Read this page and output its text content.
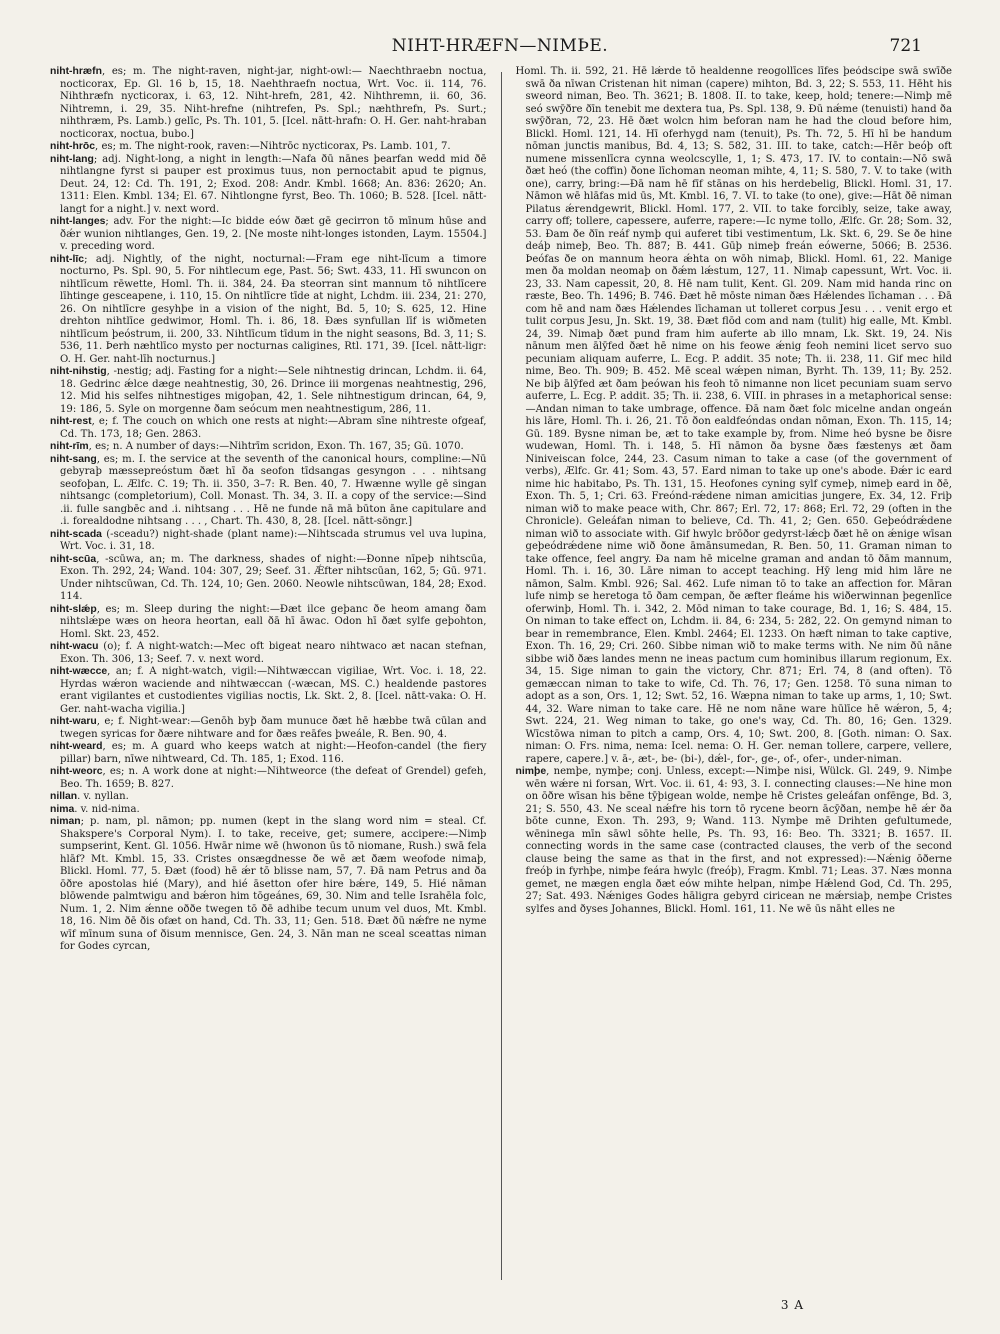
NIHT-HRÆFN—NIMÞE.	721

niht-hræfn, es; m. The night-raven, night-jar, night-owl:— Naechthraebn noctua, nocticorax, Ep. Gl. 16 b, 15, 18. Naehthraefn noctua, Wrt. Voc. ii. 114, 76. Nihthræfn nycticorax, i. 63, 12. Niht-hrefn, 281, 42. Nihthremn, ii. 60, 36. Nihtremn, i. 29, 35. Niht-hrefne (nihtrefen, Ps. Spl.; næhthrefn, Ps. Surt.; nihthræm, Ps. Lamb.) gelīc, Ps. Th. 101, 5. [Icel. nātt-hrafn: O. H. Ger. naht-hraban nocticorax, noctua, bubo.]

niht-hrōc, es; m. The night-rook, raven:—Nihtrōc nycticorax, Ps. Lamb. 101, 7.

niht-lang; adj. Night-long, a night in length:—Nafa ðū nānes þearfan wedd mid ðē nihtlangne fyrst si pauper est proximus tuus, non pernoctabit apud te pignus, Deut. 24, 12: Cd. Th. 191, 2; Exod. 208: Andr. Kmbl. 1668; An. 836: 2620; An. 1311: Elen. Kmbl. 134; El. 67. Nihtlongne fyrst, Beo. Th. 1060; B. 528. [Icel. nātt-langt for a night.] v. next word.

niht-langes; adv. For the night:—Ic bidde eów ðæt gē gecirron tō mīnum hūse and ðǽr wunion nihtlanges, Gen. 19, 2. [Ne moste niht-longes istonden, Laym. 15504.] v. preceding word.

niht-līc; adj. Nightly, of the night, nocturnal:—Fram ege niht-līcum a timore nocturno, Ps. Spl. 90, 5. For nihtlecum ege, Past. 56; Swt. 433, 11. Hī swuncon on nihtlīcum rēwette, Homl. Th. ii. 384, 24. Ða steorran sint mannum tō nihtlīcere līhtinge gesceapene, i. 110, 15. On nihtlīcre tīde at night, Lchdm. iii. 234, 21: 270, 26. On nihtlīcre gesyhþe in a vision of the night, Bd. 5, 10; S. 625, 12. Hine drehton nihtlīce gedwimor, Homl. Th. i. 86, 18. Ðæs synfullan līf is wiðmeten nihtlīcum þeóstrum, ii. 200, 33. Nihtlīcum tīdum in the night seasons, Bd. 3, 11; S. 536, 11. Þerh næhtlīco mysto per nocturnas caligines, Rtl. 171, 39. [Icel. nātt-ligr: O. H. Ger. naht-līh nocturnus.]

niht-nihstig, -nestig; adj. Fasting for a night:—Sele nihtnestig drincan, Lchdm. ii. 64, 18. Gedrinc ǽlce dæge neahtnestig, 30, 26. Drince iii morgenas neahtnestig, 296, 12. Mid his selfes nihtnestiges migoþan, 42, 1. Sele nihtnestigum drincan, 64, 9, 19: 186, 5. Syle on morgenne ðam seócum men neahtnestigum, 286, 11.

niht-rest, e; f. The couch on which one rests at night:—Abram sīne nihtreste ofgeaf, Cd. Th. 173, 18; Gen. 2863.

niht-rīm, es; n. A number of days:—Nihtrīm scridon, Exon. Th. 167, 35; Gū. 1070.

niht-sang, es; m. I. the service at the seventh of the canonical hours, compline:—Nū gebyraþ mæssepreóstum ðæt hī ða seofon tīdsangas gesyngon . . . nihtsang seofoþan, L. Ælfc. C. 19; Th. ii. 350, 3–7: R. Ben. 40, 7. Hwænne wylle gē singan nihtsangc (completorium), Coll. Monast. Th. 34, 3. II. a copy of the service:—Sind .ii. fulle sangbēc and .i. nihtsang . . . Hē ne funde nā mā būton āne capitulare and .i. forealdodne nihtsang . . . , Chart. Th. 430, 8, 28. [Icel. nātt-söngr.]

niht-scada (-sceadu?) night-shade (plant name):—Nihtscada strumus vel uva lupina, Wrt. Voc. i. 31, 18.

niht-scūa, -scūwa, an; m. The darkness, shades of night:—Ðonne nīpeþ nihtscūa, Exon. Th. 292, 24; Wand. 104: 307, 29; Seef. 31. Ǽfter nihtscūan, 162, 5; Gū. 971. Under nihtscūwan, Cd. Th. 124, 10; Gen. 2060. Neowle nihtscūwan, 184, 28; Exod. 114.

niht-slǽp, es; m. Sleep during the night:—Ðæt ilce geþanc ðe heom amang ðam nihtslǽpe wæs on heora heortan, eall ðā hī āwac. Odon hī ðæt sylfe geþohton, Homl. Skt. 23, 452.

niht-wacu (o); f. A night-watch:—Mec oft bigeat nearo nihtwaco æt nacan stefnan, Exon. Th. 306, 13; Seef. 7. v. next word.

niht-wæcce, an; f. A night-watch, vigil:—Nihtwæccan vigiliae, Wrt. Voc. i. 18, 22. Hyrdas wǽron waciende and nihtwæccan (-wæcan, MS. C.) healdende pastores erant vigilantes et custodientes vigilias noctis, Lk. Skt. 2, 8. [Icel. nātt-vaka: O. H. Ger. naht-wacha vigilia.]

niht-waru, e; f. Night-wear:—Genōh byþ ðam munuce ðæt hē hæbbe twā cūlan and twegen syricas for ðære nihtware and for ðæs reāfes þweále, R. Ben. 90, 4.

niht-weard, es; m. A guard who keeps watch at night:—Heofon-candel (the fiery pillar) barn, nīwe nihtweard, Cd. Th. 185, 1; Exod. 116.

niht-weorc, es; n. A work done at night:—Nihtweorce (the defeat of Grendel) gefeh, Beo. Th. 1659; B. 827.

nillan. v. nyllan.

nima. v. nid-nima.

niman; p. nam, pl. nāmon; pp. numen (kept in the slang word nim = steal. Cf. Shakspere's Corporal Nym). I. to take, receive, get; sumere, accipere:—Nimþ sumpserint, Kent. Gl. 1056. Hwār nime wē (hwonon ūs tō niomane, Rush.) swā fela hlāf? Mt. Kmbl. 15, 33. Cristes onsægdnesse ðe wē æt ðæm weofode nimaþ, Blickl. Homl. 77, 5. Ðæt (food) hē ǽr tō blisse nam, 57, 7. Ðā nam Petrus and ða ōðre apostolas hié (Mary), and hié āsetton ofer hire bǽre, 149, 5. Hié nāman blōwende palmtwigu and bǽron him tōgeánes, 69, 30. Nim and telle Israhēla folc, Num. 1, 2. Nim ǽnne oððe twegen tō ðē adhibe tecum unum vel duos, Mt. Kmbl. 18, 16. Nim ðē ðis ofæt on hand, Cd. Th. 33, 11; Gen. 518. Ðæt ðū nǽfre ne nyme wīf mīnum suna of ðisum mennisce, Gen. 24, 3. Nān man ne sceal sceattas niman for Godes cyrcan,

Homl. Th. ii. 592, 21. Hē lǽrde tō healdenne reogollīces līfes þeódscipe swā swīðe swā ða nīwan Cristenan hit niman (capere) mihton, Bd. 3, 22; S. 553, 11. Hēht his sweord niman, Beo. Th. 3621; B. 1808. II. to take, keep, hold; tenere:—Nimþ mē seó swȳðre ðīn tenebit me dextera tua, Ps. Spl. 138, 9. Ðū nǽme (tenuisti) hand ða swȳðran, 72, 23. Hē ðæt wolcn him beforan nam he had the cloud before him, Blickl. Homl. 121, 14. Hī oferhygd nam (tenuit), Ps. Th. 72, 5. Hī hī be handum nōman junctis manibus, Bd. 4, 13; S. 582, 31. III. to take, catch:—Hēr beóþ oft numene missenlīcra cynna weolcscylle, 1, 1; S. 473, 17. IV. to contain:—Nō swā ðæt heó (the coffin) ðone līchoman neoman mihte, 4, 11; S. 580, 7. V. to take (with one), carry, bring:—Ðā nam hē fīf stānas on his herdebelig, Blickl. Homl. 31, 17. Nāmon wē hlāfas mid ūs, Mt. Kmbl. 16, 7. VI. to take (to one), give:—Hāt ðē niman Pilatus ǽrendgewrit, Blickl. Homl. 177, 2. VII. to take forcibly, seize, take away, carry off; tollere, capessere, auferre, rapere:—Ic nyme tollo, Ælfc. Gr. 28; Som. 32, 53. Ðam ðe ðīn reáf nymþ qui auferet tibi vestimentum, Lk. Skt. 6, 29. Se ðe hine deáþ nimeþ, Beo. Th. 887; B. 441. Gūþ nimeþ freán eówerne, 5066; B. 2536. Þeófas ðe on mannum heora ǽhta on wōh nimaþ, Blickl. Homl. 61, 22. Manige men ða moldan neomaþ on ðǽm lǽstum, 127, 11. Nimaþ capessunt, Wrt. Voc. ii. 23, 33. Nam capessit, 20, 8. Hē nam tulit, Kent. Gl. 209. Nam mid handa rinc on ræste, Beo. Th. 1496; B. 746. Ðæt hē mōste niman ðæs Hǽlendes līchaman . . . Ðā com hē and nam ðæs Hǽlendes līchaman ut tolleret corpus Jesu . . . venit ergo et tulit corpus Jesu, Jn. Skt. 19, 38. Ðæt flōd com and nam (tulit) hig ealle, Mt. Kmbl. 24, 39. Nimaþ ðæt pund fram him auferte ab illo mnam, Lk. Skt. 19, 24. Nis nānum men ālȳfed ðæt hē nime on his feowe ǽnig feoh nemini licet servo suo pecuniam aliquam auferre, L. Ecg. P. addit. 35 note; Th. ii. 238, 11. Gif mec hild nime, Beo. Th. 909; B. 452. Mē sceal wǽpen niman, Byrht. Th. 139, 11; By. 252. Ne biþ ālȳfed æt ðam þeówan his feoh tō nimanne non licet pecuniam suam servo auferre, L. Ecg. P. addit. 35; Th. ii. 238, 6. VIII. in phrases in a metaphorical sense:—Andan niman to take umbrage, offence. Ðā nam ðæt folc micelne andan ongeán his lāre, Homl. Th. i. 26, 21. Tō ðon ealdfeóndas ondan nōman, Exon. Th. 115, 14; Gū. 189. Bysne niman be, æt to take example by, from. Nime heó bysne be ðisre wudewan, Homl. Th. i. 148, 5. Hī nāmon ða bysne ðæs fæstenys æt ðam Niniveiscan folce, 244, 23. Casum niman to take a case (of the government of verbs), Ælfc. Gr. 41; Som. 43, 57. Eard niman to take up one's abode. Ðǽr ic eard nime hic habitabo, Ps. Th. 131, 15. Heofones cyning sylf cymeþ, nimeþ eard in ðē, Exon. Th. 5, 1; Cri. 63. Freónd-rǽdene niman amicitias jungere, Ex. 34, 12. Friþ niman wið to make peace with, Chr. 867; Erl. 72, 17: 868; Erl. 72, 29 (often in the Chronicle). Geleáfan niman to believe, Cd. Th. 41, 2; Gen. 650. Geþeódrǽdene niman wið to associate with. Gif hwylc brōðor gedyrst-lǽcþ ðæt hē on ǽnige wīsan geþeódrǽdene nime wið ðone āmānsumedan, R. Ben. 50, 11. Graman niman to take offence, feel angry. Ða nam hē micelne graman and andan tō ðām mannum, Homl. Th. i. 16, 30. Lāre niman to accept teaching. Hȳ leng mid him lāre ne nāmon, Salm. Kmbl. 926; Sal. 462. Lufe niman tō to take an affection for. Māran lufe nimþ se heretoga tō ðam cempan, ðe æfter fleáme his wiðerwinnan þegenlīce oferwinþ, Homl. Th. i. 342, 2. Mōd niman to take courage, Bd. 1, 16; S. 484, 15. On niman to take effect on, Lchdm. ii. 84, 6: 234, 5: 282, 22. On gemynd niman to bear in remembrance, Elen. Kmbl. 2464; El. 1233. On hæft niman to take captive, Exon. Th. 16, 29; Cri. 260. Sibbe niman wið to make terms with. Ne nim ðū nāne sibbe wið ðæs landes menn ne ineas pactum cum hominibus illarum regionum, Ex. 34, 15. Sige niman to gain the victory, Chr. 871; Erl. 74, 8 (and often). Tō gemæccan niman to take to wife, Cd. Th. 76, 17; Gen. 1258. Tō suna niman to adopt as a son, Ors. 1, 12; Swt. 52, 16. Wæpna niman to take up arms, 1, 10; Swt. 44, 32. Ware niman to take care. Hē ne nom nāne ware hūlīce hē wǽron, 5, 4; Swt. 224, 21. Weg niman to take, go one's way, Cd. Th. 80, 16; Gen. 1329. Wīcstōwa niman to pitch a camp, Ors. 4, 10; Swt. 200, 8. [Goth. niman: O. Sax. niman: O. Frs. nima, nema: Icel. nema: O. H. Ger. neman tollere, carpere, vellere, rapere, capere.] v. ā-, æt-, be- (bi-), dǽl-, for-, ge-, of-, ofer-, under-niman.

nimþe, nemþe, nymþe; conj. Unless, except:—Nimþe nisi, Wülck. Gl. 249, 9. Nimþe wēn wǽre ni forsan, Wrt. Voc. ii. 61, 4: 93, 3. I. connecting clauses:—Ne hine mon on ōðre wīsan his bēne tȳþigean wolde, nemþe hē Cristes geleáfan onfēnge, Bd. 3, 21; S. 550, 43. Ne sceal nǽfre his torn tō rycene beorn ācȳðan, nemþe hē ǽr ða bōte cunne, Exon. Th. 293, 9; Wand. 113. Nymþe mē Drihten gefultumede, wēninega mīn sāwl sōhte helle, Ps. Th. 93, 16: Beo. Th. 3321; B. 1657. II. connecting words in the same case (contracted clauses, the verb of the second clause being the same as that in the first, and not expressed):—Nǽnig ōðerne freóþ in fyrhþe, nimþe feára hwylc (freóþ), Fragm. Kmbl. 71; Leas. 37. Næs monna gemet, ne mægen engla ðæt eów mihte helpan, nimþe Hǽlend God, Cd. Th. 295, 27; Sat. 493. Nǽniges Godes hāligra gebyrd ciricean ne mǽrsiaþ, nemþe Cristes sylfes and ðyses Johannes, Blickl. Homl. 161, 11. Ne wē ūs nāht elles ne

3 A
